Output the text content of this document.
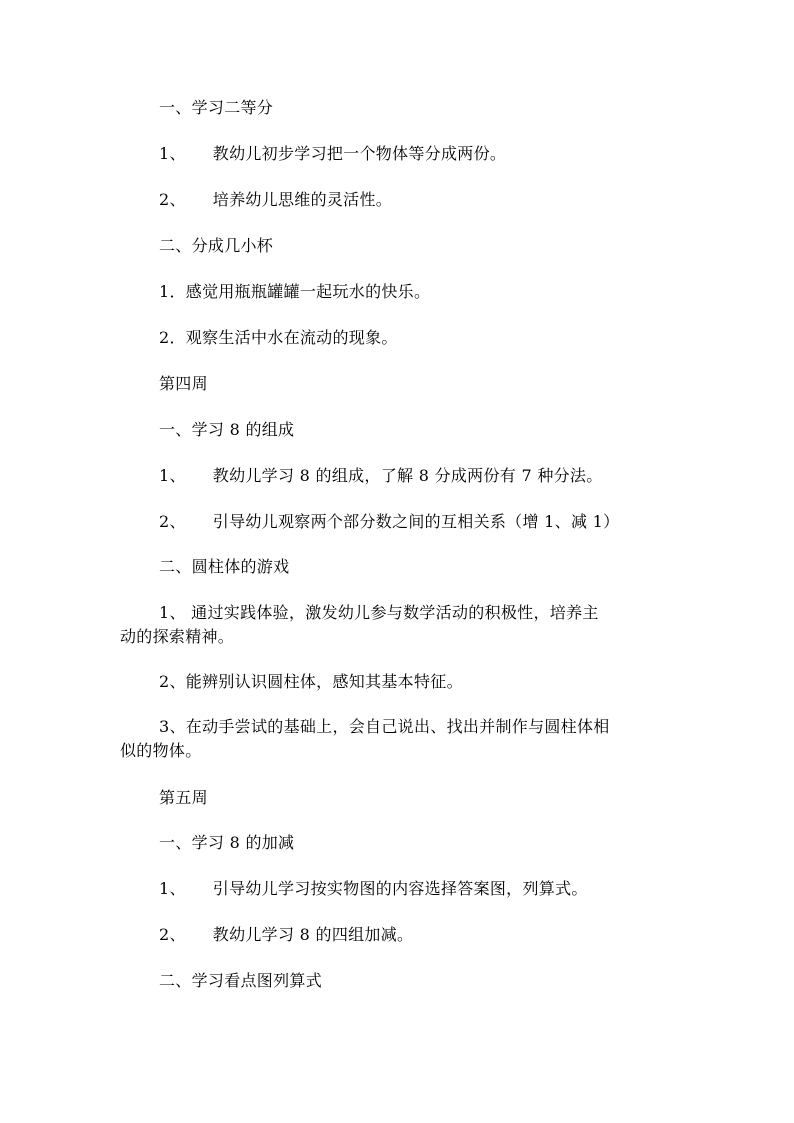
一、学习二等分
1、 教幼儿初步学习把一个物体等分成两份。
2、 培养幼儿思维的灵活性。
二、分成几小杯
1．感觉用瓶瓶罐罐一起玩水的快乐。
2．观察生活中水在流动的现象。
第四周
一、学习 8 的组成
1、 教幼儿学习 8 的组成，了解 8 分成两份有 7 种分法。
2、 引导幼儿观察两个部分数之间的互相关系（增 1、减 1）
二、圆柱体的游戏
1、 通过实践体验，激发幼儿参与数学活动的积极性，培养主
动的探索精神。
2、能辨别认识圆柱体，感知其基本特征。
3、在动手尝试的基础上，会自己说出、找出并制作与圆柱体相
似的物体。
第五周
一、学习 8 的加减
1、 引导幼儿学习按实物图的内容选择答案图，列算式。
2、 教幼儿学习 8 的四组加减。
二、学习看点图列算式
